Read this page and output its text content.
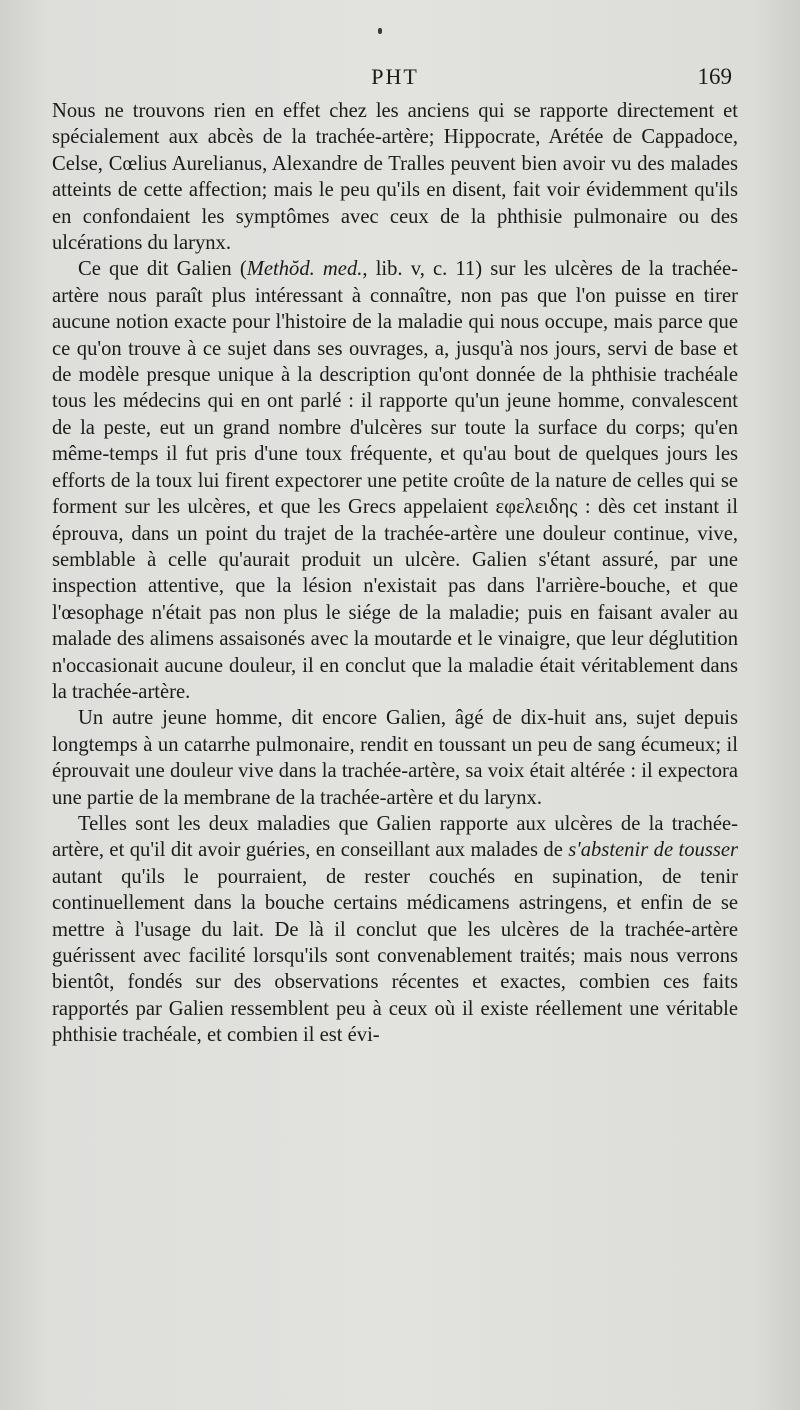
PHT	169

Nous ne trouvons rien en effet chez les anciens qui se rapporte directement et spécialement aux abcès de la trachée-artère; Hippocrate, Arétée de Cappadoce, Celse, Cœlius Aurelianus, Alexandre de Tralles peuvent bien avoir vu des malades atteints de cette affection; mais le peu qu'ils en disent, fait voir évidemment qu'ils en confondaient les symptômes avec ceux de la phthisie pulmonaire ou des ulcérations du larynx.

Ce que dit Galien (Methŏd. med., lib. v, c. 11) sur les ulcères de la trachée-artère nous paraît plus intéressant à connaître, non pas que l'on puisse en tirer aucune notion exacte pour l'histoire de la maladie qui nous occupe, mais parce que ce qu'on trouve à ce sujet dans ses ouvrages, a, jusqu'à nos jours, servi de base et de modèle presque unique à la description qu'ont donnée de la phthisie trachéale tous les médecins qui en ont parlé : il rapporte qu'un jeune homme, convalescent de la peste, eut un grand nombre d'ulcères sur toute la surface du corps; qu'en même-temps il fut pris d'une toux fréquente, et qu'au bout de quelques jours les efforts de la toux lui firent expectorer une petite croûte de la nature de celles qui se forment sur les ulcères, et que les Grecs appelaient εφελειδης : dès cet instant il éprouva, dans un point du trajet de la trachée-artère une douleur continue, vive, semblable à celle qu'aurait produit un ulcère. Galien s'étant assuré, par une inspection attentive, que la lésion n'existait pas dans l'arrière-bouche, et que l'œsophage n'était pas non plus le siége de la maladie; puis en faisant avaler au malade des alimens assaisonés avec la moutarde et le vinaigre, que leur déglutition n'occasionait aucune douleur, il en conclut que la maladie était véritablement dans la trachée-artère.

Un autre jeune homme, dit encore Galien, âgé de dix-huit ans, sujet depuis longtemps à un catarrhe pulmonaire, rendit en toussant un peu de sang écumeux; il éprouvait une douleur vive dans la trachée-artère, sa voix était altérée : il expectora une partie de la membrane de la trachée-artère et du larynx.

Telles sont les deux maladies que Galien rapporte aux ulcères de la trachée-artère, et qu'il dit avoir guéries, en conseillant aux malades de s'abstenir de tousser autant qu'ils le pourraient, de rester couchés en supination, de tenir continuellement dans la bouche certains médicamens astringens, et enfin de se mettre à l'usage du lait. De là il conclut que les ulcères de la trachée-artère guérissent avec facilité lorsqu'ils sont convenablement traités; mais nous verrons bientôt, fondés sur des observations récentes et exactes, combien ces faits rapportés par Galien ressemblent peu à ceux où il existe réellement une véritable phthisie trachéale, et combien il est évi-
